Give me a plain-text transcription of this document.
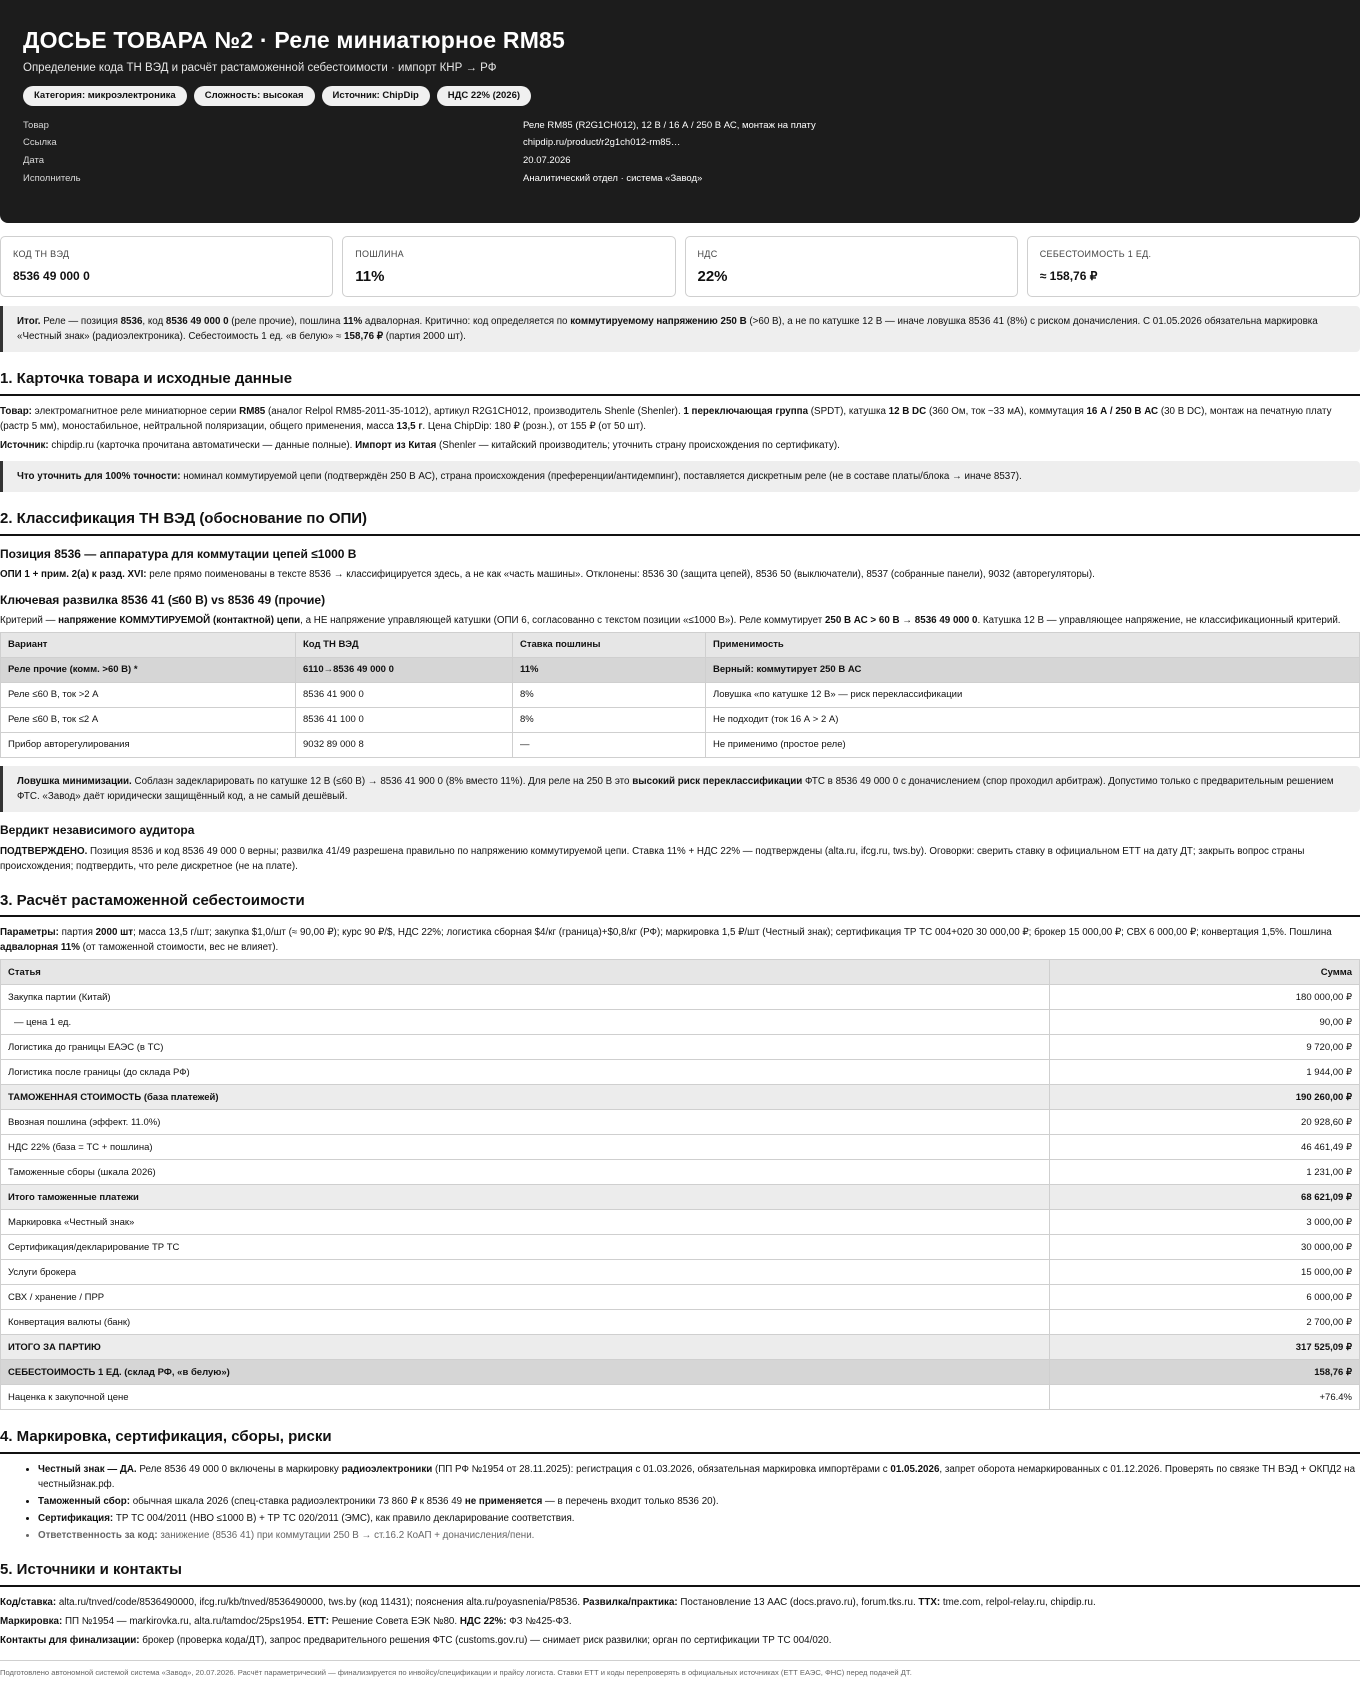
ДОСЬЕ ТОВАРА №2 · Реле миниатюрное RM85
Определение кода ТН ВЭД и расчёт растаможенной себестоимости · импорт КНР → РФ
Категория: микроэлектроника	Сложность: высокая	Источник: ChipDip	НДС 22% (2026)
Товар	Реле RM85 (R2G1CH012), 12 В / 16 А / 250 В АС, монтаж на плату
Ссылка	chipdip.ru/product/r2g1ch012-rm85…
Дата	20.07.2026
Исполнитель	Аналитический отдел · система «Завод»
КОД ТН ВЭД
8536 49 000 0
ПОШЛИНА
11%
НДС
22%
СЕБЕСТОИМОСТЬ 1 ЕД.
≈ 158,76 ₽
Итог. Реле — позиция 8536, код 8536 49 000 0 (реле прочие), пошлина 11% адвалорная. Критично: код определяется по коммутируемому напряжению 250 В (>60 В), а не по катушке 12 В — иначе ловушка 8536 41 (8%) с риском доначисления. С 01.05.2026 обязательна маркировка «Честный знак» (радиоэлектроника). Себестоимость 1 ед. «в белую» ≈ 158,76 ₽ (партия 2000 шт).
1. Карточка товара и исходные данные

Товар: электромагнитное реле миниатюрное серии RM85 (аналог Relpol RM85-2011-35-1012), артикул R2G1CH012, производитель Shenle (Shenler). 1 переключающая группа (SPDT), катушка 12 В DC (360 Ом, ток ~33 мА), коммутация 16 А / 250 В АС (30 В DC), монтаж на печатную плату (растр 5 мм), моностабильное, нейтральной поляризации, общего применения, масса 13,5 г. Цена ChipDip: 180 ₽ (розн.), от 155 ₽ (от 50 шт).

Источник: chipdip.ru (карточка прочитана автоматически — данные полные). Импорт из Китая (Shenler — китайский производитель; уточнить страну происхождения по сертификату).

Что уточнить для 100% точности: номинал коммутируемой цепи (подтверждён 250 В АС), страна происхождения (преференции/антидемпинг), поставляется дискретным реле (не в составе платы/блока → иначе 8537).
2. Классификация ТН ВЭД (обоснование по ОПИ)
Позиция 8536 — аппаратура для коммутации цепей ≤1000 В

ОПИ 1 + прим. 2(а) к разд. XVI: реле прямо поименованы в тексте 8536 → классифицируется здесь, а не как «часть машины». Отклонены: 8536 30 (защита цепей), 8536 50 (выключатели), 8537 (собранные панели), 9032 (авторегуляторы).

Ключевая развилка 8536 41 (≤60 В) vs 8536 49 (прочие)

Критерий — напряжение КОММУТИРУЕМОЙ (контактной) цепи, а НЕ напряжение управляющей катушки (ОПИ 6, согласованно с текстом позиции «≤1000 В»). Реле коммутирует 250 В АС > 60 В → 8536 49 000 0. Катушка 12 В — управляющее напряжение, не классификационный критерий.

Вариант	Код ТН ВЭД	Ставка пошлины	Применимость
Реле прочие (комм. >60 В) *	6110→8536 49 000 0	11%	Верный: коммутирует 250 В АС
Реле ≤60 В, ток >2 А	8536 41 900 0	8%	Ловушка «по катушке 12 В» — риск переклассификации
Реле ≤60 В, ток ≤2 А	8536 41 100 0	8%	Не подходит (ток 16 А > 2 А)
Прибор авторегулирования	9032 89 000 8	—	Не применимо (простое реле)
Ловушка минимизации. Соблазн задекларировать по катушке 12 В (≤60 В) → 8536 41 900 0 (8% вместо 11%). Для реле на 250 В это высокий риск переклассификации ФТС в 8536 49 000 0 с доначислением (спор проходил арбитраж). Допустимо только с предварительным решением ФТС. «Завод» даёт юридически защищённый код, а не самый дешёвый.
Вердикт независимого аудитора

ПОДТВЕРЖДЕНО. Позиция 8536 и код 8536 49 000 0 верны; развилка 41/49 разрешена правильно по напряжению коммутируемой цепи. Ставка 11% + НДС 22% — подтверждены (alta.ru, ifcg.ru, tws.by). Оговорки: сверить ставку в официальном ЕТТ на дату ДТ; закрыть вопрос страны происхождения; подтвердить, что реле дискретное (не на плате).

3. Расчёт растаможенной себестоимости

Параметры: партия 2000 шт; масса 13,5 г/шт; закупка $1,0/шт (≈ 90,00 ₽); курс 90 ₽/$, НДС 22%; логистика сборная $4/кг (граница)+$0,8/кг (РФ); маркировка 1,5 ₽/шт (Честный знак); сертификация ТР ТС 004+020 30 000,00 ₽; брокер 15 000,00 ₽; СВХ 6 000,00 ₽; конвертация 1,5%. Пошлина адвалорная 11% (от таможенной стоимости, вес не влияет).

Статья	Сумма
Закупка партии (Китай)	180 000,00 ₽
— цена 1 ед.	90,00 ₽
Логистика до границы ЕАЭС (в ТС)	9 720,00 ₽
Логистика после границы (до склада РФ)	1 944,00 ₽
ТАМОЖЕННАЯ СТОИМОСТЬ (база платежей)	190 260,00 ₽
Ввозная пошлина (эффект. 11.0%)	20 928,60 ₽
НДС 22% (база = ТС + пошлина)	46 461,49 ₽
Таможенные сборы (шкала 2026)	1 231,00 ₽
Итого таможенные платежи	68 621,09 ₽
Маркировка «Честный знак»	3 000,00 ₽
Сертификация/декларирование ТР ТС	30 000,00 ₽
Услуги брокера	15 000,00 ₽
СВХ / хранение / ПРР	6 000,00 ₽
Конвертация валюты (банк)	2 700,00 ₽
ИТОГО ЗА ПАРТИЮ	317 525,09 ₽
СЕБЕСТОИМОСТЬ 1 ЕД. (склад РФ, «в белую»)	158,76 ₽
Наценка к закупочной цене	+76.4%
4. Маркировка, сертификация, сборы, риски
• Честный знак — ДА. Реле 8536 49 000 0 включены в маркировку радиоэлектроники (ПП РФ №1954 от 28.11.2025): регистрация с 01.03.2026, обязательная маркировка импортёрами с 01.05.2026, запрет оборота немаркированных с 01.12.2026. Проверять по связке ТН ВЭД + ОКПД2 на честныйзнак.рф.
• Таможенный сбор: обычная шкала 2026 (спец-ставка радиоэлектроники 73 860 ₽ к 8536 49 не применяется — в перечень входит только 8536 20).
• Сертификация: ТР ТС 004/2011 (НВО ≤1000 В) + ТР ТС 020/2011 (ЭМС), как правило декларирование соответствия.
• Ответственность за код: занижение (8536 41) при коммутации 250 В → ст.16.2 КоАП + доначисления/пени.
5. Источники и контакты

Код/ставка: alta.ru/tnved/code/8536490000, ifcg.ru/kb/tnved/8536490000, tws.by (код 11431); пояснения alta.ru/poyasnenia/P8536. Развилка/практика: Постановление 13 ААС (docs.pravo.ru), forum.tks.ru. ТТХ: tme.com, relpol-relay.ru, chipdip.ru.

Маркировка: ПП №1954 — markirovka.ru, alta.ru/tamdoc/25ps1954. ЕТТ: Решение Совета ЕЭК №80. НДС 22%: ФЗ №425-ФЗ.

Контакты для финализации: брокер (проверка кода/ДТ), запрос предварительного решения ФТС (customs.gov.ru) — снимает риск развилки; орган по сертификации ТР ТС 004/020.

Подготовлено автономной системой система «Завод», 20.07.2026. Расчёт параметрический — финализируется по инвойсу/спецификации и прайсу логиста. Ставки ЕТТ и коды перепроверять в официальных источниках (ЕТТ ЕАЭС, ФНС) перед подачей ДТ.
